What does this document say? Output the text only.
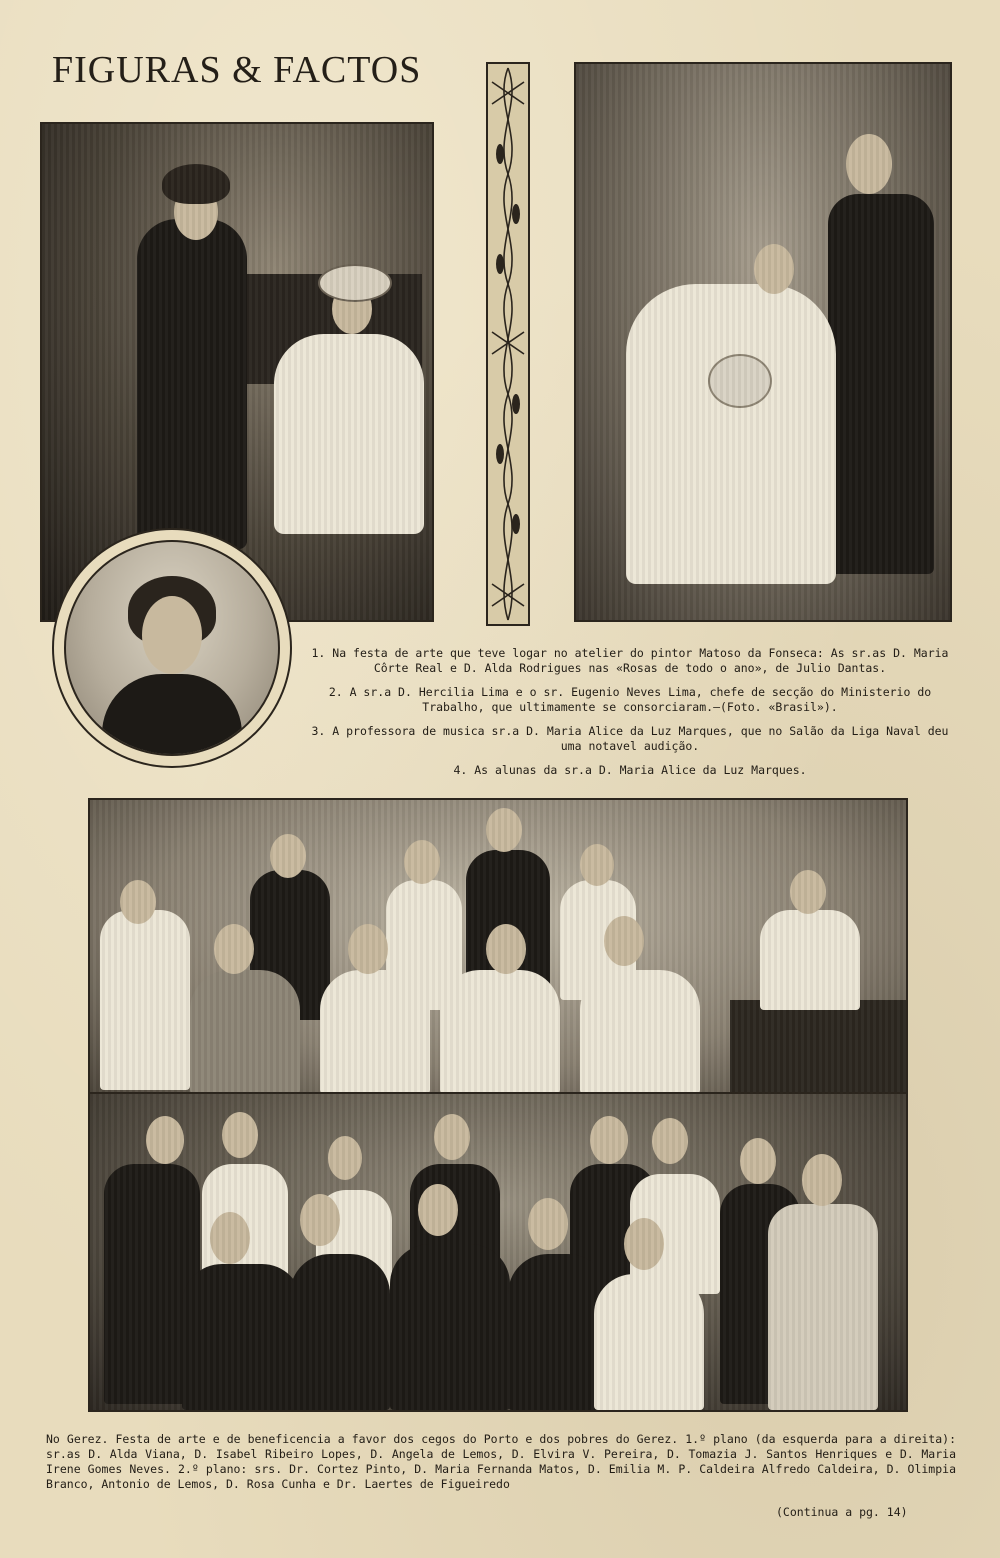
FIGURAS & FACTOS

1. Na festa de arte que teve logar no atelier do pintor Matoso da Fonseca: As sr.as D. Maria Côrte Real e D. Alda Rodrigues nas «Rosas de todo o ano», de Julio Dantas.

2. A sr.a D. Hercilia Lima e o sr. Eugenio Neves Lima, chefe de secção do Ministerio do Trabalho, que ultimamente se consorciaram.—(Foto. «Brasil»).

3. A professora de musica sr.a D. Maria Alice da Luz Marques, que no Salão da Liga Naval deu uma notavel audição.

4. As alunas da sr.a D. Maria Alice da Luz Marques.

No Gerez. Festa de arte e de beneficencia a favor dos cegos do Porto e dos pobres do Gerez. 1.º plano (da esquerda para a direita): sr.as D. Alda Viana, D. Isabel Ribeiro Lopes, D. Angela de Lemos, D. Elvira V. Pereira, D. Tomazia J. Santos Henriques e D. Maria Irene Gomes Neves. 2.º plano: srs. Dr. Cortez Pinto, D. Maria Fernanda Matos, D. Emilia M. P. Caldeira Alfredo Caldeira, D. Olimpia Branco, Antonio de Lemos, D. Rosa Cunha e Dr. Laertes de Figueiredo

(Continua a pg. 14)
